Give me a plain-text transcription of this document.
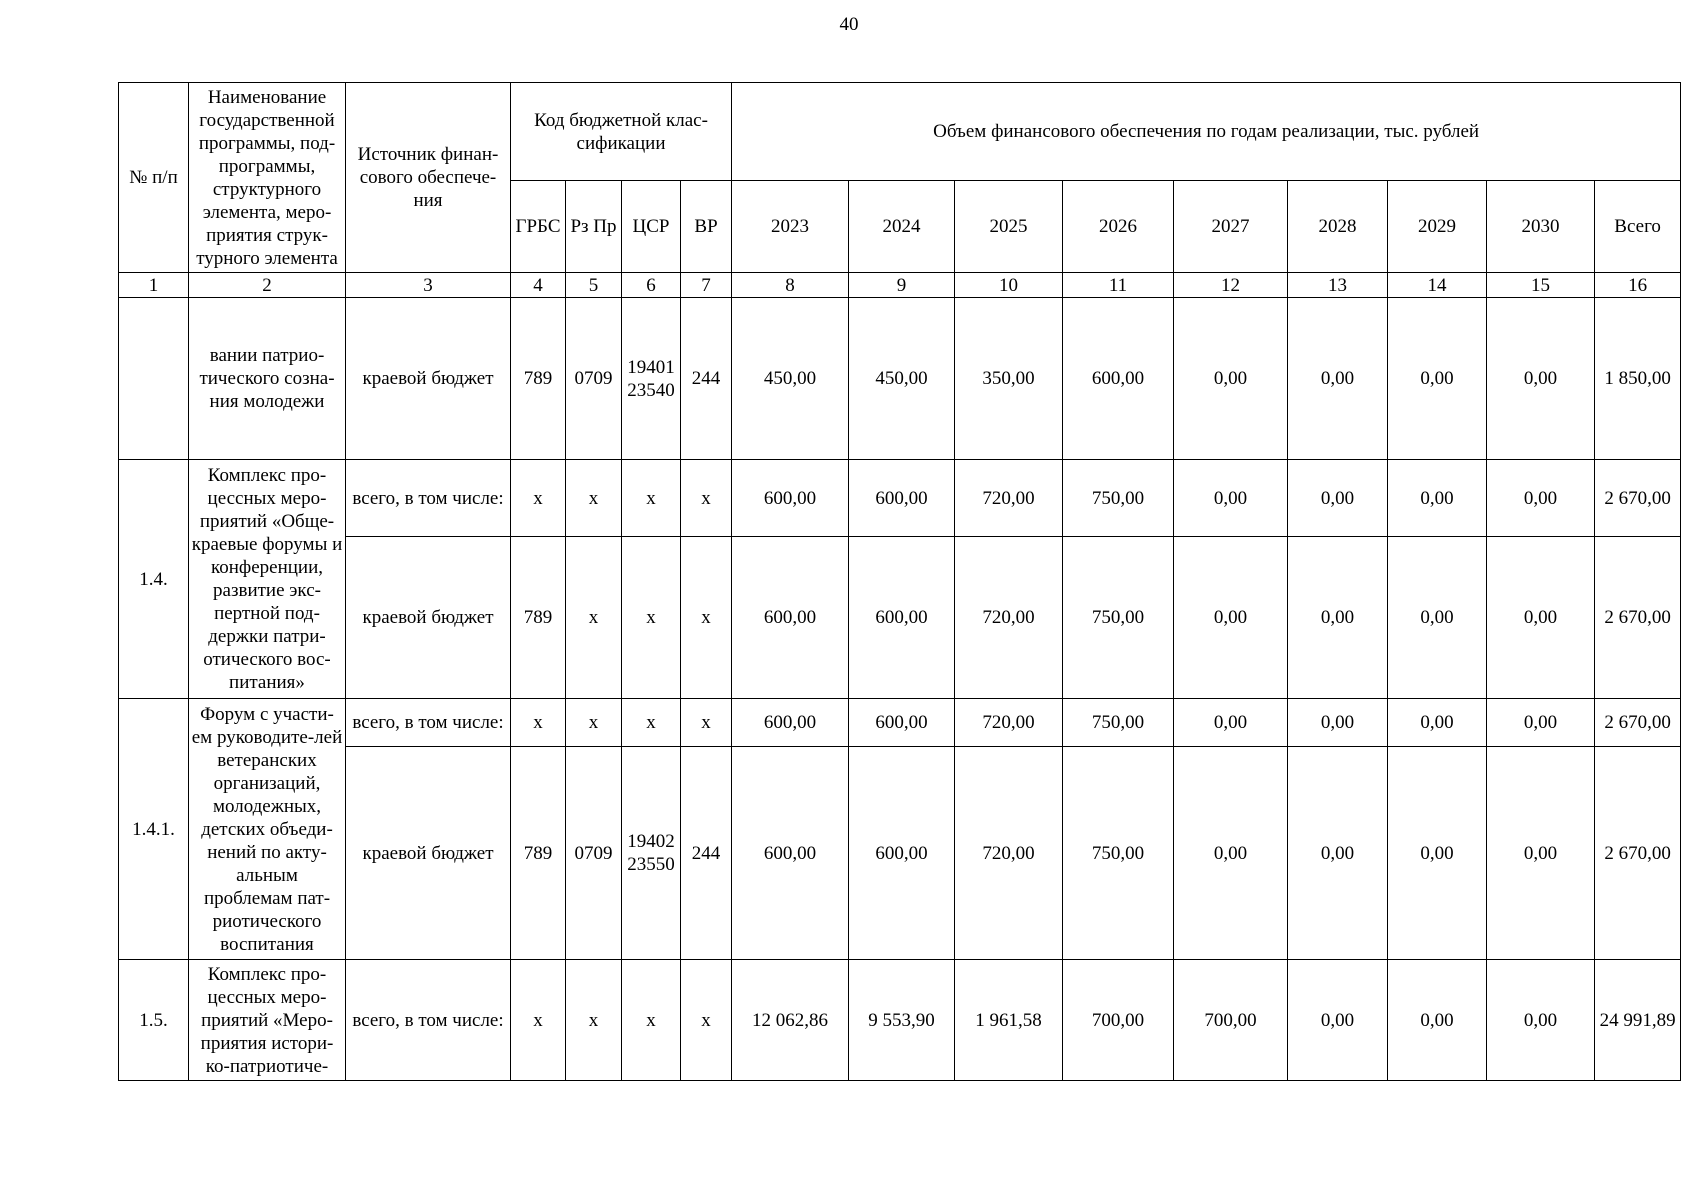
40
№ п/п	Наименование государственной программы, под-программы, структурного элемента, меро-приятия струк-турного элемента	Источник финан-сового обеспече-ния	Код бюджетной клас-сификации				Объем финансового обеспечения по годам реализации, тыс. рублей								
			ГРБС	Рз Пр	ЦСР	ВР	2023	2024	2025	2026	2027	2028	2029	2030	Всего
1	2	3	4	5	6	7	8	9	10	11	12	13	14	15	16
	вании патрио-тического созна-ния молодежи	краевой бюджет	789	0709	19401 23540	244	450,00	450,00	350,00	600,00	0,00	0,00	0,00	0,00	1 850,00
1.4.	Комплекс про-цессных меро-приятий «Обще-краевые форумы и конференции, развитие экс-пертной под-держки патри-отического вос-питания»	всего, в том числе:	x	x	x	x	600,00	600,00	720,00	750,00	0,00	0,00	0,00	0,00	2 670,00
		краевой бюджет	789	x	x	x	600,00	600,00	720,00	750,00	0,00	0,00	0,00	0,00	2 670,00
1.4.1.	Форум с участи-ем руководите-лей ветеранских организаций, молодежных, детских объеди-нений по акту-альным проблемам пат-риотического воспитания	всего, в том числе:	x	x	x	x	600,00	600,00	720,00	750,00	0,00	0,00	0,00	0,00	2 670,00
		краевой бюджет	789	0709	19402 23550	244	600,00	600,00	720,00	750,00	0,00	0,00	0,00	0,00	2 670,00
1.5.	Комплекс про-цессных меро-приятий «Меро-приятия истори-ко-патриотиче-	всего, в том числе:	x	x	x	x	12 062,86	9 553,90	1 961,58	700,00	700,00	0,00	0,00	0,00	24 991,89
